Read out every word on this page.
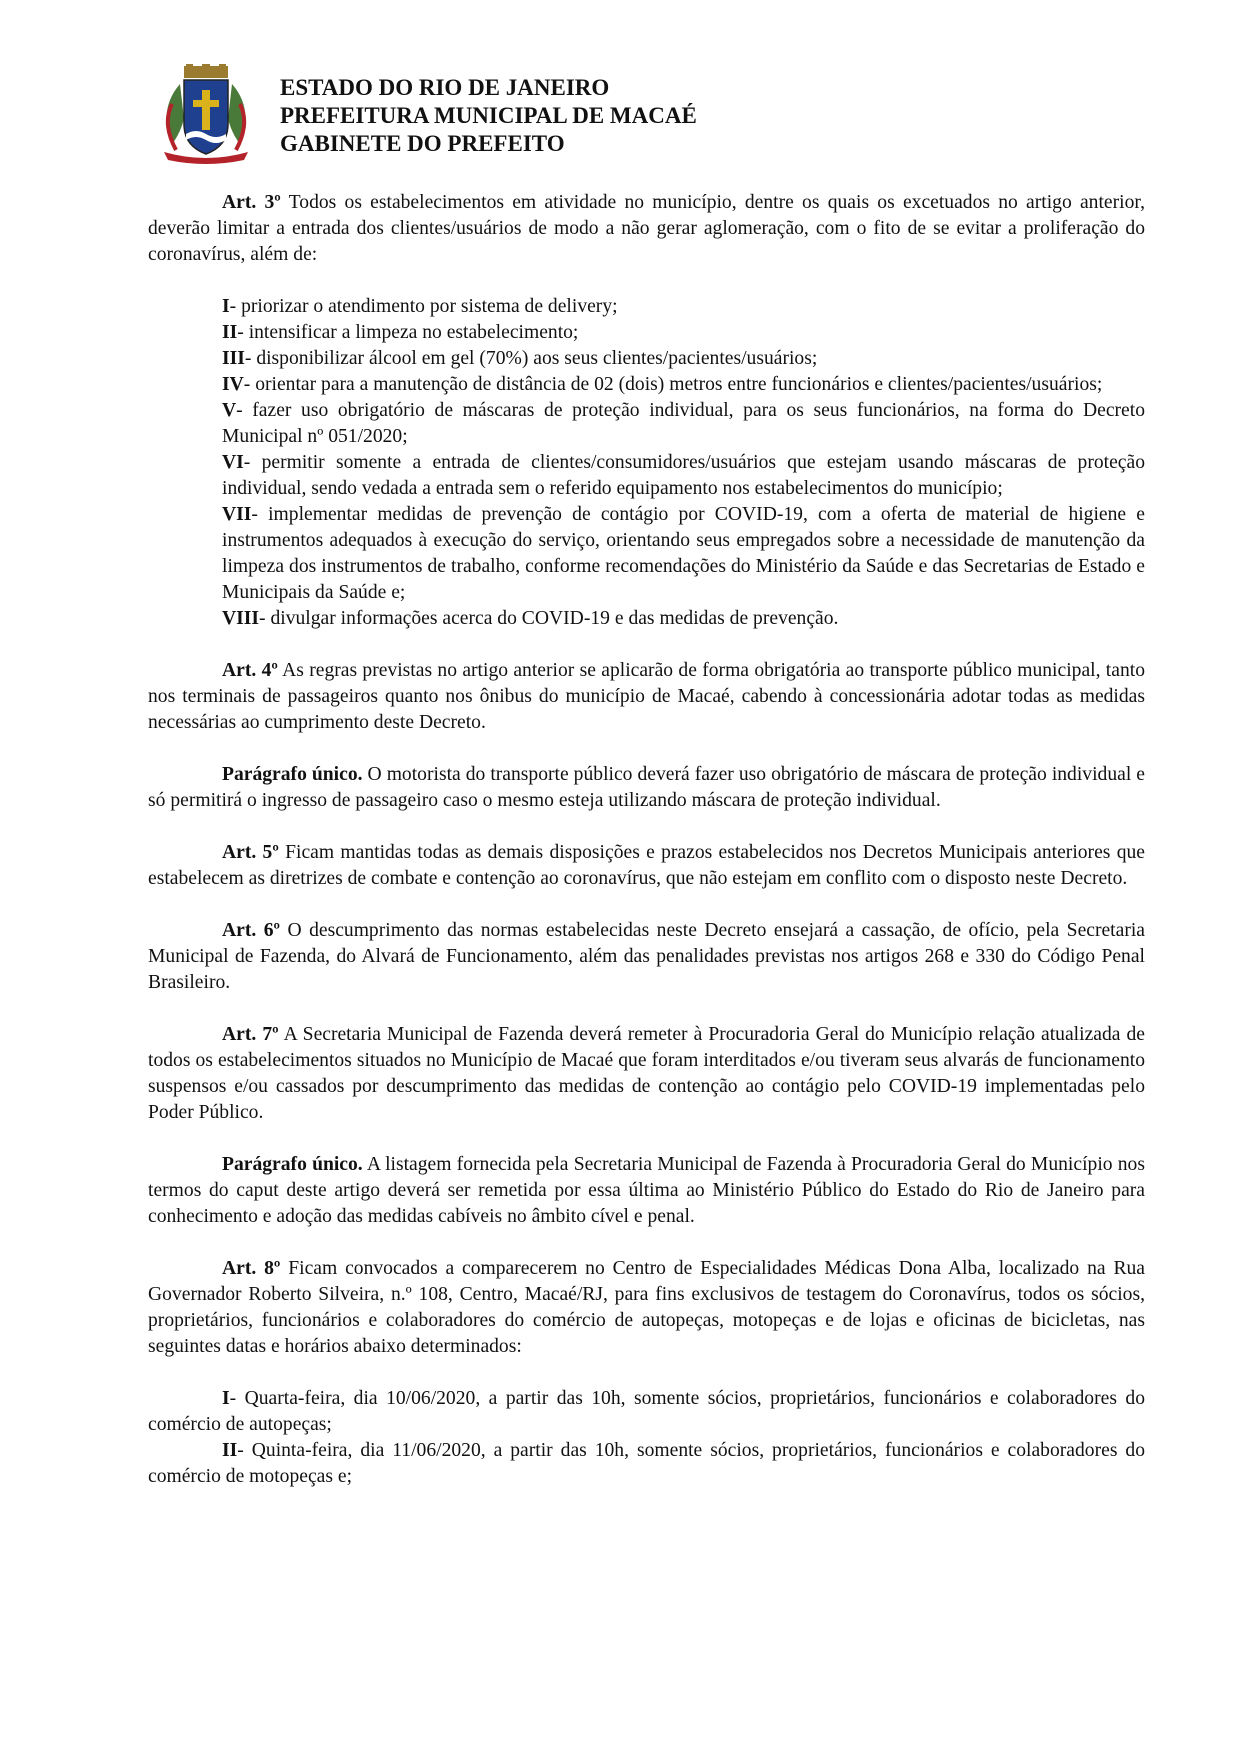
ESTADO DO RIO DE JANEIRO
PREFEITURA MUNICIPAL DE MACAÉ
GABINETE DO PREFEITO

Art. 3º Todos os estabelecimentos em atividade no município, dentre os quais os excetuados no artigo anterior, deverão limitar a entrada dos clientes/usuários de modo a não gerar aglomeração, com o fito de se evitar a proliferação do coronavírus, além de:

I- priorizar o atendimento por sistema de delivery;

II- intensificar a limpeza no estabelecimento;

III- disponibilizar álcool em gel (70%) aos seus clientes/pacientes/usuários;

IV- orientar para a manutenção de distância de 02 (dois) metros entre funcionários e clientes/pacientes/usuários;

V- fazer uso obrigatório de máscaras de proteção individual, para os seus funcionários, na forma do Decreto Municipal nº 051/2020;

VI- permitir somente a entrada de clientes/consumidores/usuários que estejam usando máscaras de proteção individual, sendo vedada a entrada sem o referido equipamento nos estabelecimentos do município;

VII- implementar medidas de prevenção de contágio por COVID-19, com a oferta de material de higiene e instrumentos adequados à execução do serviço, orientando seus empregados sobre a necessidade de manutenção da limpeza dos instrumentos de trabalho, conforme recomendações do Ministério da Saúde e das Secretarias de Estado e Municipais da Saúde e;

VIII- divulgar informações acerca do COVID-19 e das medidas de prevenção.

Art. 4º As regras previstas no artigo anterior se aplicarão de forma obrigatória ao transporte público municipal, tanto nos terminais de passageiros quanto nos ônibus do município de Macaé, cabendo à concessionária adotar todas as medidas necessárias ao cumprimento deste Decreto.

Parágrafo único. O motorista do transporte público deverá fazer uso obrigatório de máscara de proteção individual e só permitirá o ingresso de passageiro caso o mesmo esteja utilizando máscara de proteção individual.

Art. 5º Ficam mantidas todas as demais disposições e prazos estabelecidos nos Decretos Municipais anteriores que estabelecem as diretrizes de combate e contenção ao coronavírus, que não estejam em conflito com o disposto neste Decreto.

Art. 6º O descumprimento das normas estabelecidas neste Decreto ensejará a cassação, de ofício, pela Secretaria Municipal de Fazenda, do Alvará de Funcionamento, além das penalidades previstas nos artigos 268 e 330 do Código Penal Brasileiro.

Art. 7º A Secretaria Municipal de Fazenda deverá remeter à Procuradoria Geral do Município relação atualizada de todos os estabelecimentos situados no Município de Macaé que foram interditados e/ou tiveram seus alvarás de funcionamento suspensos e/ou cassados por descumprimento das medidas de contenção ao contágio pelo COVID-19 implementadas pelo Poder Público.

Parágrafo único. A listagem fornecida pela Secretaria Municipal de Fazenda à Procuradoria Geral do Município nos termos do caput deste artigo deverá ser remetida por essa última ao Ministério Público do Estado do Rio de Janeiro para conhecimento e adoção das medidas cabíveis no âmbito cível e penal.

Art. 8º Ficam convocados a comparecerem no Centro de Especialidades Médicas Dona Alba, localizado na Rua Governador Roberto Silveira, n.º 108, Centro, Macaé/RJ, para fins exclusivos de testagem do Coronavírus, todos os sócios, proprietários, funcionários e colaboradores do comércio de autopeças, motopeças e de lojas e oficinas de bicicletas, nas seguintes datas e horários abaixo determinados:

I- Quarta-feira, dia 10/06/2020, a partir das 10h, somente sócios, proprietários, funcionários e colaboradores do comércio de autopeças;

II- Quinta-feira, dia 11/06/2020, a partir das 10h, somente sócios, proprietários, funcionários e colaboradores do comércio de motopeças e;
